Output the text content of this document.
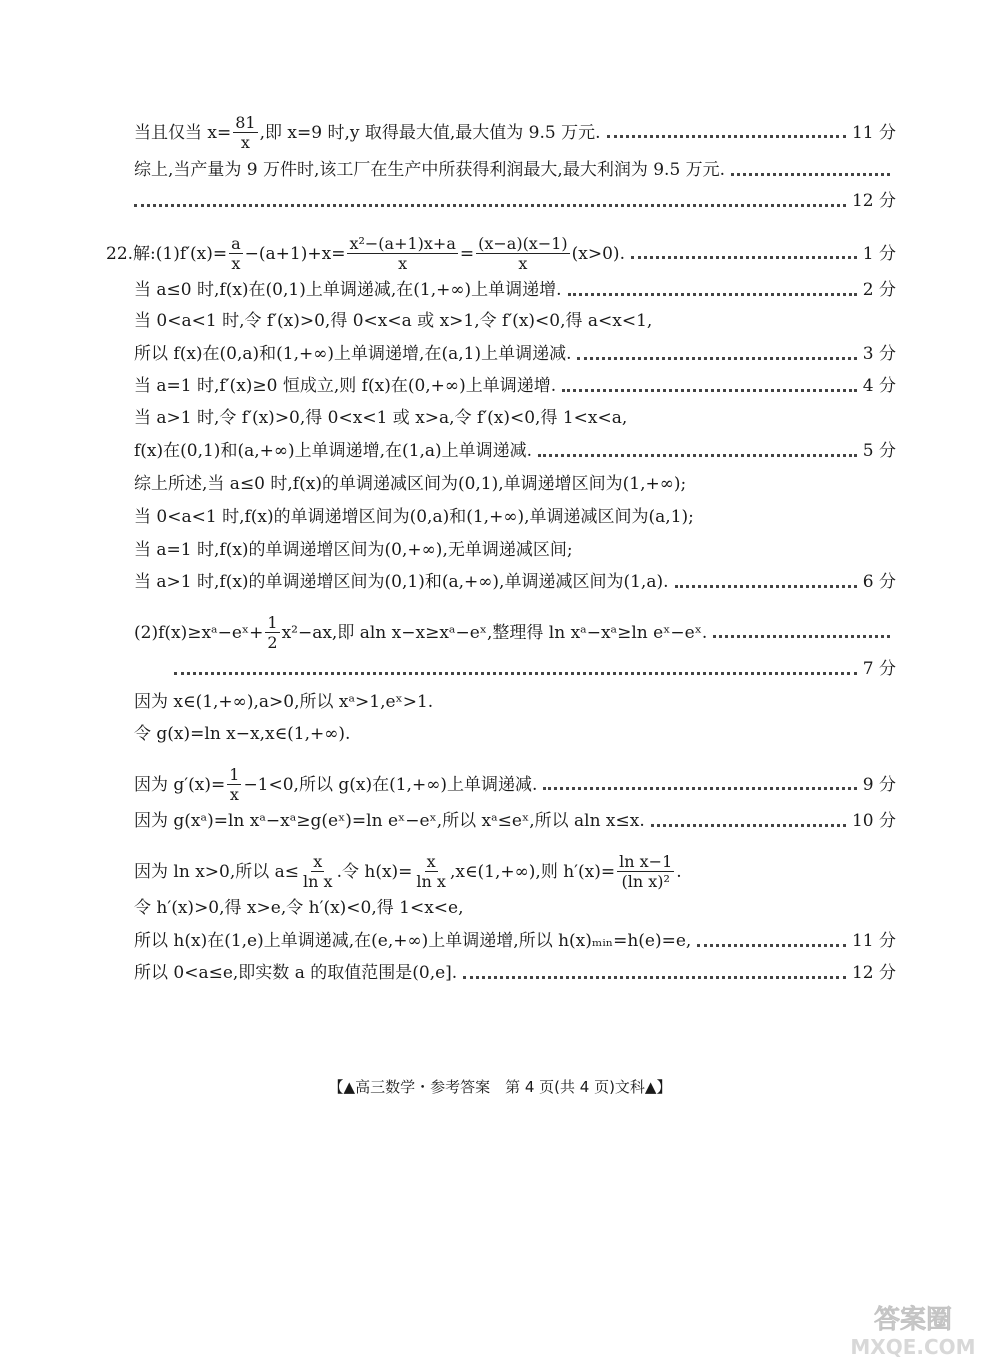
当且仅当 $x= \frac{81}{x}$ ,即 x=9 时,y 取得最大值,最大值为 9.5 万元.	11 分
综上,当产量为 9 万件时,该工厂在生产中所获得利润最大,最大利润为 9.5 万元.
12 分
22. 解:(1)f′(x)= $\frac{a}{x} -(a+1)+x= \frac{\text{x²−(a+1)x+a}}{x} = \frac{(x-a)(x-1)}{x} (x>0)$.	1 分
当 a≤0 时,f(x)在(0,1)上单调递减,在(1,+∞)上单调递增.	2 分
当 0<a<1 时,令 f′(x)>0,得 0<x<a 或 x>1,令 f′(x)<0,得 a<x<1,
所以 f(x)在(0,a)和(1,+∞)上单调递增,在(a,1)上单调递减.	3 分
当 a=1 时,f′(x)≥0 恒成立,则 f(x)在(0,+∞)上单调递增.	4 分
当 a>1 时,令 f′(x)>0,得 0<x<1 或 x>a,令 f′(x)<0,得 1<x<a,
f(x)在(0,1)和(a,+∞)上单调递增,在(1,a)上单调递减.	5 分
综上所述,当 a≤0 时,f(x)的单调递减区间为(0,1),单调递增区间为(1,+∞);
当 0<a<1 时,f(x)的单调递增区间为(0,a)和(1,+∞),单调递减区间为(a,1);
当 a=1 时,f(x)的单调递增区间为(0,+∞),无单调递减区间;
当 a>1 时,f(x)的单调递增区间为(0,1)和(a,+∞),单调递减区间为(1,a).	6 分
(2)f(x)≥xᵃ−eˣ+ $\frac{1}{2} x^2-ax$,即 aln x−x≥xᵃ−eˣ,整理得 ln xᵃ−xᵃ≥ln eˣ−eˣ.
7 分
因为 x∈(1,+∞),a>0,所以 xᵃ>1,eˣ>1.
令 g(x)=ln x−x,x∈(1,+∞).
因为 $g'(x)= \frac{1}{x} -1<0$,所以 g(x)在(1,+∞)上单调递减.	9 分
因为 g(xᵃ)=ln xᵃ−xᵃ≥g(eˣ)=ln eˣ−eˣ,所以 xᵃ≤eˣ,所以 aln x≤x.	10 分
因为 ln x>0,所以 $a\le \frac{x}{\text{ln x}}$ .令 $h(x)= \frac{x}{\text{ln x}}$ ,x∈(1,+∞),则 $h'(x)= \frac{\text{ln x−1}}{\text{(ln x)²}}$ .
令 h′(x)>0,得 x>e,令 h′(x)<0,得 1<x<e,
所以 h(x)在(1,e)上单调递减,在(e,+∞)上单调递增,所以 h(x)ₘᵢₙ=h(e)=e,	11 分
所以 0<a≤e,即实数 a 的取值范围是(0,e].	12 分
【▲高三数学・参考答案　第 4 页(共 4 页)文科▲】
答案圈
MXQE.COM
